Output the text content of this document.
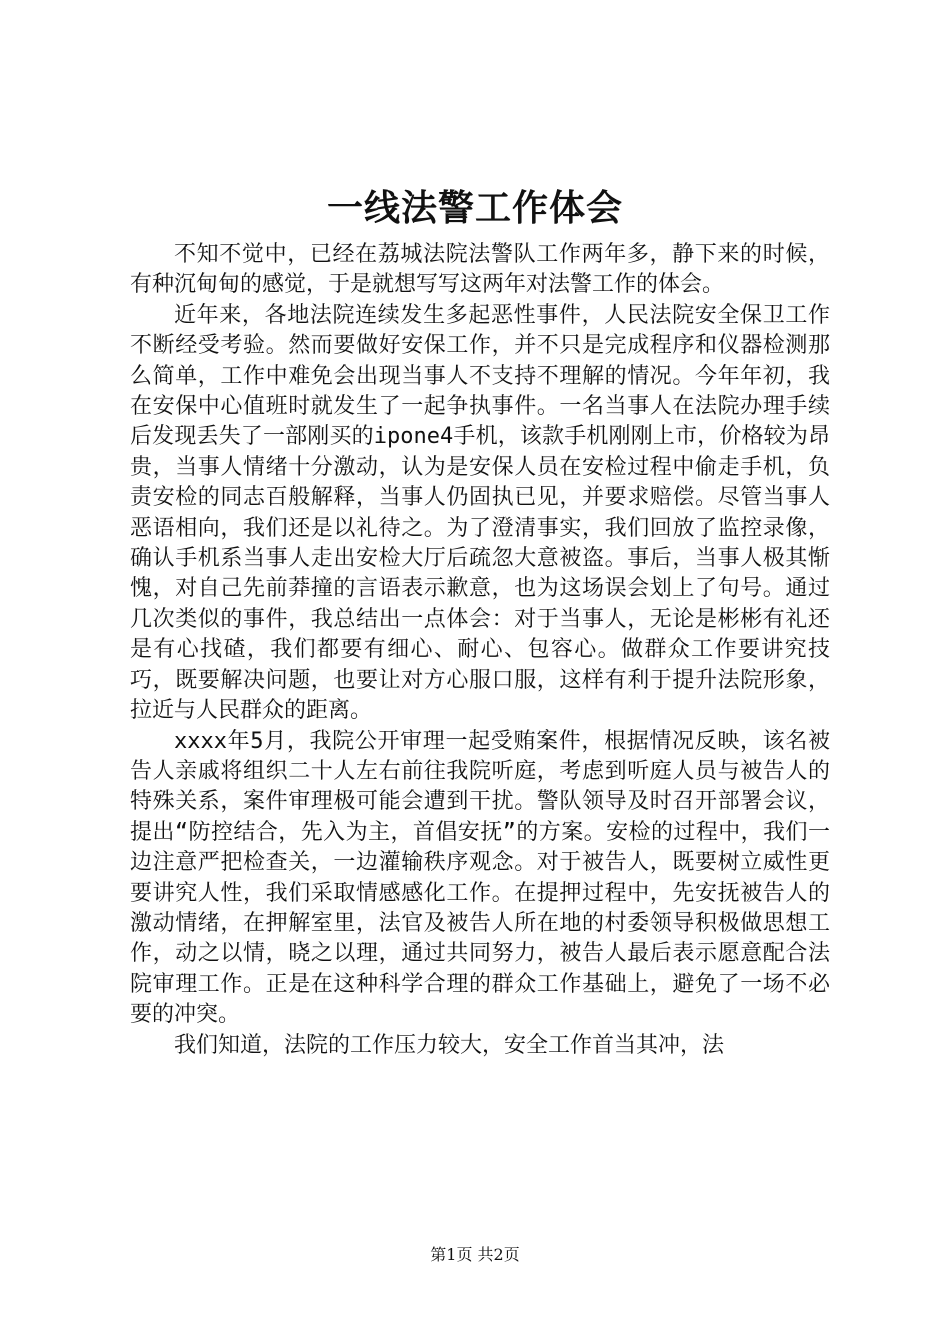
一线法警工作体会

不知不觉中，已经在荔城法院法警队工作两年多，静下来的时候，有种沉甸甸的感觉，于是就想写写这两年对法警工作的体会。

近年来，各地法院连续发生多起恶性事件，人民法院安全保卫工作不断经受考验。然而要做好安保工作，并不只是完成程序和仪器检测那么简单，工作中难免会出现当事人不支持不理解的情况。今年年初，我在安保中心值班时就发生了一起争执事件。一名当事人在法院办理手续后发现丢失了一部刚买的ipone4手机，该款手机刚刚上市，价格较为昂贵，当事人情绪十分激动，认为是安保人员在安检过程中偷走手机，负责安检的同志百般解释，当事人仍固执已见，并要求赔偿。尽管当事人恶语相向，我们还是以礼待之。为了澄清事实，我们回放了监控录像，确认手机系当事人走出安检大厅后疏忽大意被盗。事后，当事人极其惭愧，对自己先前莽撞的言语表示歉意，也为这场误会划上了句号。通过几次类似的事件，我总结出一点体会：对于当事人，无论是彬彬有礼还是有心找碴，我们都要有细心、耐心、包容心。做群众工作要讲究技巧，既要解决问题，也要让对方心服口服，这样有利于提升法院形象，拉近与人民群众的距离。

xxxx年5月，我院公开审理一起受贿案件，根据情况反映，该名被告人亲戚将组织二十人左右前往我院听庭，考虑到听庭人员与被告人的特殊关系，案件审理极可能会遭到干扰。警队领导及时召开部署会议，提出“防控结合，先入为主，首倡安抚”的方案。安检的过程中，我们一边注意严把检查关，一边灌输秩序观念。对于被告人，既要树立威性更要讲究人性，我们采取情感感化工作。在提押过程中，先安抚被告人的激动情绪，在押解室里，法官及被告人所在地的村委领导积极做思想工作，动之以情，晓之以理，通过共同努力，被告人最后表示愿意配合法院审理工作。正是在这种科学合理的群众工作基础上，避免了一场不必要的冲突。

我们知道，法院的工作压力较大，安全工作首当其冲，法

第1页 共2页
